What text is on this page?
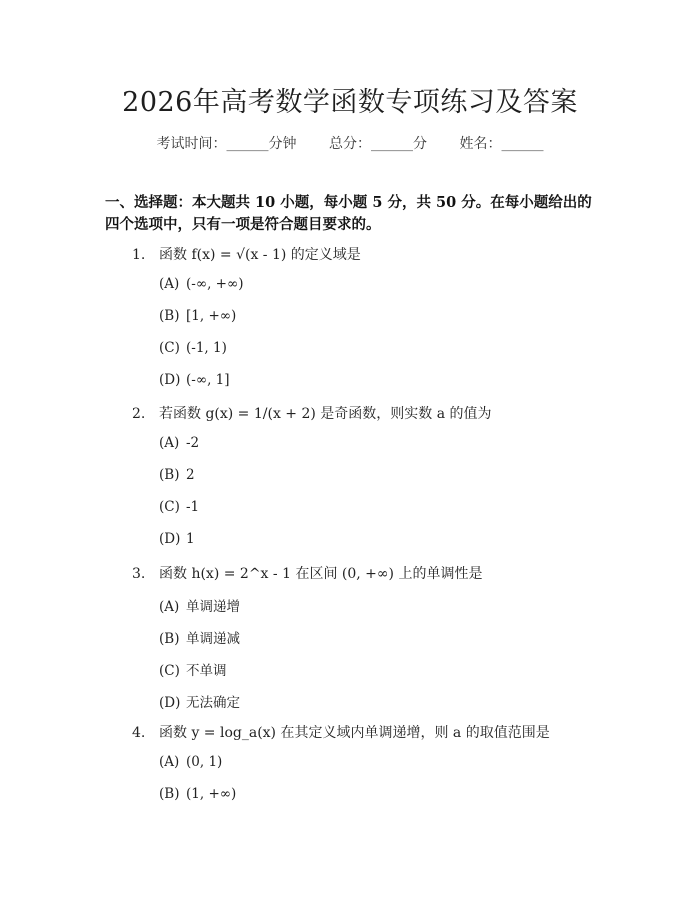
2026年高考数学函数专项练习及答案
考试时间：______分钟 总分：______分 姓名：______
一、选择题：本大题共 10 小题，每小题 5 分，共 50 分。在每小题给出的四个选项中，只有一项是符合题目要求的。
1. 函数 f(x) = √(x - 1) 的定义域是
(A) (-∞, +∞)
(B) [1, +∞)
(C) (-1, 1)
(D) (-∞, 1]
2. 若函数 g(x) = 1/(x + 2) 是奇函数，则实数 a 的值为
(A) -2
(B) 2
(C) -1
(D) 1
3. 函数 h(x) = 2^x - 1 在区间 (0, +∞) 上的单调性是
(A) 单调递增
(B) 单调递减
(C) 不单调
(D) 无法确定
4. 函数 y = log_a(x) 在其定义域内单调递增，则 a 的取值范围是
(A) (0, 1)
(B) (1, +∞)
